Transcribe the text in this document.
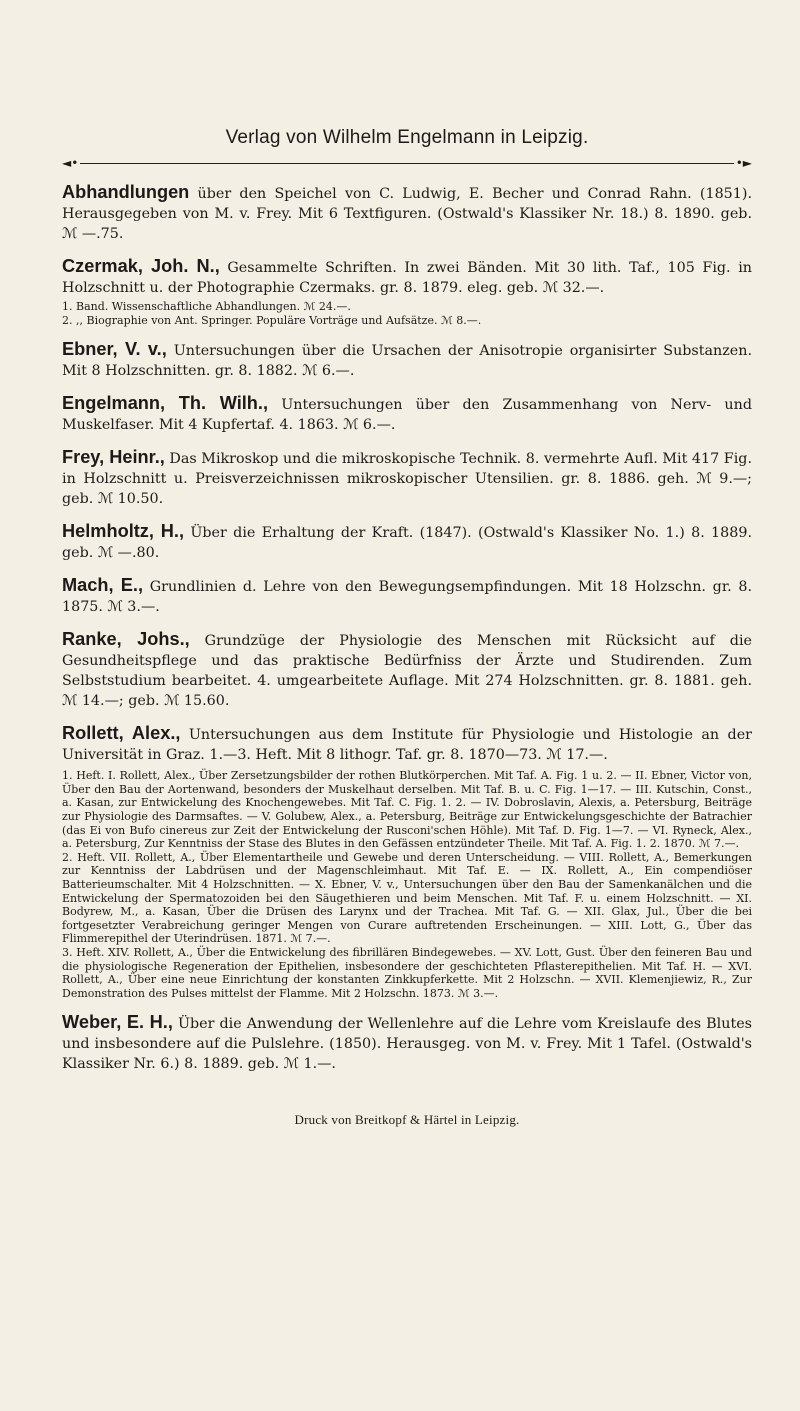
Verlag von Wilhelm Engelmann in Leipzig.
◄•	•►

Abhandlungen über den Speichel von C. Ludwig, E. Becher und Conrad Rahn. (1851). Herausgegeben von M. v. Frey. Mit 6 Textfiguren. (Ostwald's Klassiker Nr. 18.) 8. 1890. geb. ℳ —.75.

Czermak, Joh. N., Gesammelte Schriften. In zwei Bänden. Mit 30 lith. Taf., 105 Fig. in Holzschnitt u. der Photographie Czermaks. gr. 8. 1879. eleg. geb. ℳ 32.—.

1. Band. Wissenschaftliche Abhandlungen. ℳ 24.—.

2. ,, Biographie von Ant. Springer. Populäre Vorträge und Aufsätze. ℳ 8.—.

Ebner, V. v., Untersuchungen über die Ursachen der Anisotropie organisirter Substanzen. Mit 8 Holzschnitten. gr. 8. 1882. ℳ 6.—.

Engelmann, Th. Wilh., Untersuchungen über den Zusammenhang von Nerv- und Muskelfaser. Mit 4 Kupfertaf. 4. 1863. ℳ 6.—.

Frey, Heinr., Das Mikroskop und die mikroskopische Technik. 8. vermehrte Aufl. Mit 417 Fig. in Holzschnitt u. Preisverzeichnissen mikroskopischer Utensilien. gr. 8. 1886. geh. ℳ 9.—; geb. ℳ 10.50.

Helmholtz, H., Über die Erhaltung der Kraft. (1847). (Ostwald's Klassiker No. 1.) 8. 1889. geb. ℳ —.80.

Mach, E., Grundlinien d. Lehre von den Bewegungsempfindungen. Mit 18 Holzschn. gr. 8. 1875. ℳ 3.—.

Ranke, Johs., Grundzüge der Physiologie des Menschen mit Rücksicht auf die Gesundheitspflege und das praktische Bedürfniss der Ärzte und Studirenden. Zum Selbststudium bearbeitet. 4. umgearbeitete Auflage. Mit 274 Holzschnitten. gr. 8. 1881. geh. ℳ 14.—; geb. ℳ 15.60.

Rollett, Alex., Untersuchungen aus dem Institute für Physiologie und Histologie an der Universität in Graz. 1.—3. Heft. Mit 8 lithogr. Taf. gr. 8. 1870—73. ℳ 17.—.

1. Heft. I. Rollett, Alex., Über Zersetzungsbilder der rothen Blutkörperchen. Mit Taf. A. Fig. 1 u. 2. — II. Ebner, Victor von, Über den Bau der Aortenwand, besonders der Muskelhaut derselben. Mit Taf. B. u. C. Fig. 1—17. — III. Kutschin, Const., a. Kasan, zur Entwickelung des Knochengewebes. Mit Taf. C. Fig. 1. 2. — IV. Dobroslavin, Alexis, a. Petersburg, Beiträge zur Physiologie des Darmsaftes. — V. Golubew, Alex., a. Petersburg, Beiträge zur Entwickelungsgeschichte der Batrachier (das Ei von Bufo cinereus zur Zeit der Entwickelung der Rusconi'schen Höhle). Mit Taf. D. Fig. 1—7. — VI. Ryneck, Alex., a. Petersburg, Zur Kenntniss der Stase des Blutes in den Gefässen entzündeter Theile. Mit Taf. A. Fig. 1. 2. 1870. ℳ 7.—.

2. Heft. VII. Rollett, A., Über Elementartheile und Gewebe und deren Unterscheidung. — VIII. Rollett, A., Bemerkungen zur Kenntniss der Labdrüsen und der Magenschleimhaut. Mit Taf. E. — IX. Rollett, A., Ein compendiöser Batterieumschalter. Mit 4 Holzschnitten. — X. Ebner, V. v., Untersuchungen über den Bau der Samenkanälchen und die Entwickelung der Spermatozoiden bei den Säugethieren und beim Menschen. Mit Taf. F. u. einem Holzschnitt. — XI. Bodyrew, M., a. Kasan, Über die Drüsen des Larynx und der Trachea. Mit Taf. G. — XII. Glax, Jul., Über die bei fortgesetzter Verabreichung geringer Mengen von Curare auftretenden Erscheinungen. — XIII. Lott, G., Über das Flimmerepithel der Uterindrüsen. 1871. ℳ 7.—.

3. Heft. XIV. Rollett, A., Über die Entwickelung des fibrillären Bindegewebes. — XV. Lott, Gust. Über den feineren Bau und die physiologische Regeneration der Epithelien, insbesondere der geschichteten Pflasterepithelien. Mit Taf. H. — XVI. Rollett, A., Über eine neue Einrichtung der konstanten Zinkkupferkette. Mit 2 Holzschn. — XVII. Klemenjiewiz, R., Zur Demonstration des Pulses mittelst der Flamme. Mit 2 Holzschn. 1873. ℳ 3.—.

Weber, E. H., Über die Anwendung der Wellenlehre auf die Lehre vom Kreislaufe des Blutes und insbesondere auf die Pulslehre. (1850). Herausgeg. von M. v. Frey. Mit 1 Tafel. (Ostwald's Klassiker Nr. 6.) 8. 1889. geb. ℳ 1.—.

Druck von Breitkopf & Härtel in Leipzig.
